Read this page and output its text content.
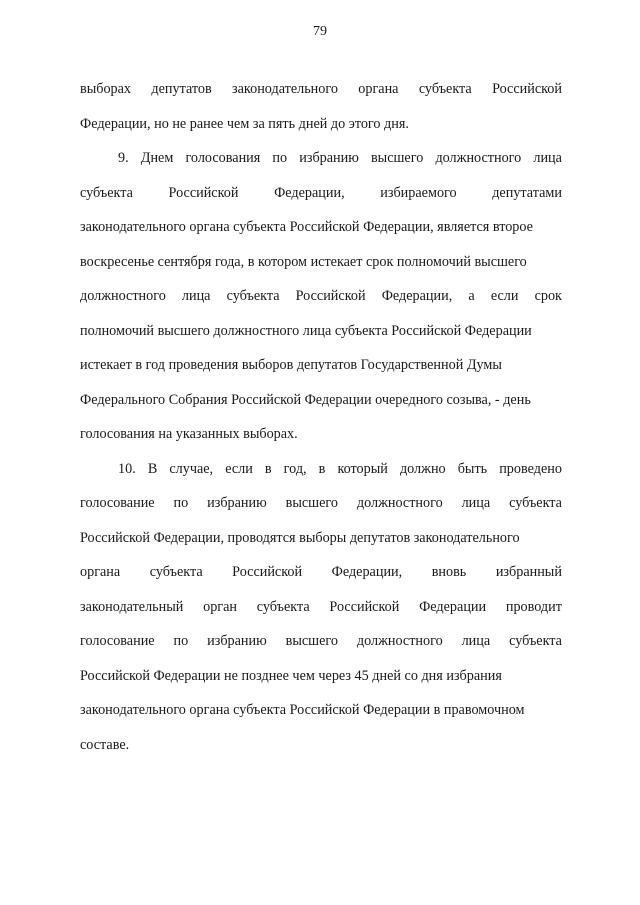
79
выборах депутатов законодательного органа субъекта Российской
Федерации, но не ранее чем за пять дней до этого дня.
9. Днем голосования по избранию высшего должностного лица
субъекта	Российской	Федерации,	избираемого	депутатами
законодательного органа субъекта Российской Федерации, является второе
воскресенье сентября года, в котором истекает срок полномочий высшего
должностного лица субъекта Российской Федерации, а если срок
полномочий высшего должностного лица субъекта Российской Федерации
истекает в год проведения выборов депутатов Государственной Думы
Федерального Собрания Российской Федерации очередного созыва, - день
голосования на указанных выборах.
10. В случае, если в год, в который должно быть проведено
голосование по избранию высшего должностного лица субъекта
Российской Федерации, проводятся выборы депутатов законодательного
органа субъекта Российской Федерации, вновь избранный
законодательный орган субъекта Российской Федерации проводит
голосование по избранию высшего должностного лица субъекта
Российской Федерации не позднее чем через 45 дней со дня избрания
законодательного органа субъекта Российской Федерации в правомочном
составе.
